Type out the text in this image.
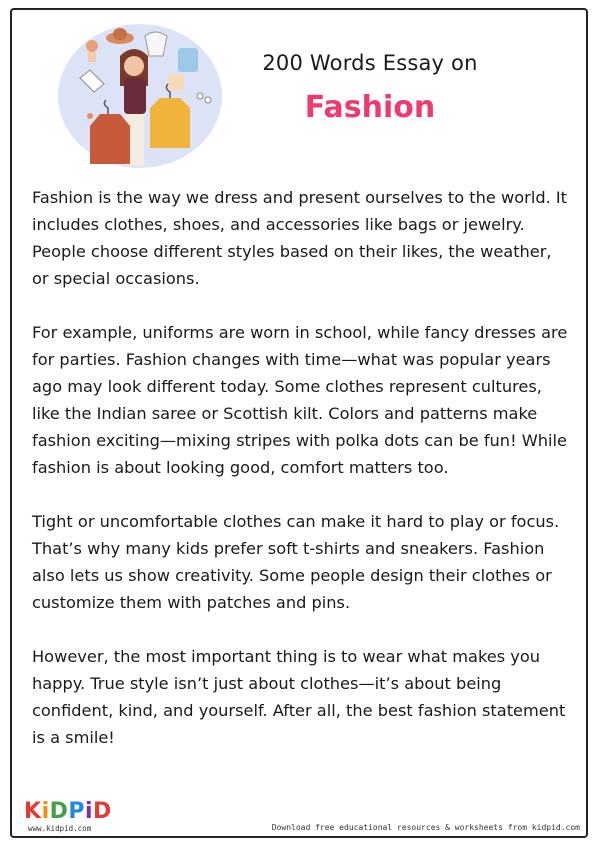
200 Words Essay on
Fashion

Fashion is the way we dress and present ourselves to the world. It includes clothes, shoes, and accessories like bags or jewelry. People choose different styles based on their likes, the weather, or special occasions.

For example, uniforms are worn in school, while fancy dresses are for parties. Fashion changes with time—what was popular years ago may look different today. Some clothes represent cultures, like the Indian saree or Scottish kilt. Colors and patterns make fashion exciting—mixing stripes with polka dots can be fun! While fashion is about looking good, comfort matters too.

Tight or uncomfortable clothes can make it hard to play or focus. That’s why many kids prefer soft t-shirts and sneakers. Fashion also lets us show creativity. Some people design their clothes or customize them with patches and pins.

However, the most important thing is to wear what makes you happy. True style isn’t just about clothes—it’s about being confident, kind, and yourself. After all, the best fashion statement is a smile!

KiDPiD
www.kidpid.com	Download free educational resources & worksheets from kidpid.com
